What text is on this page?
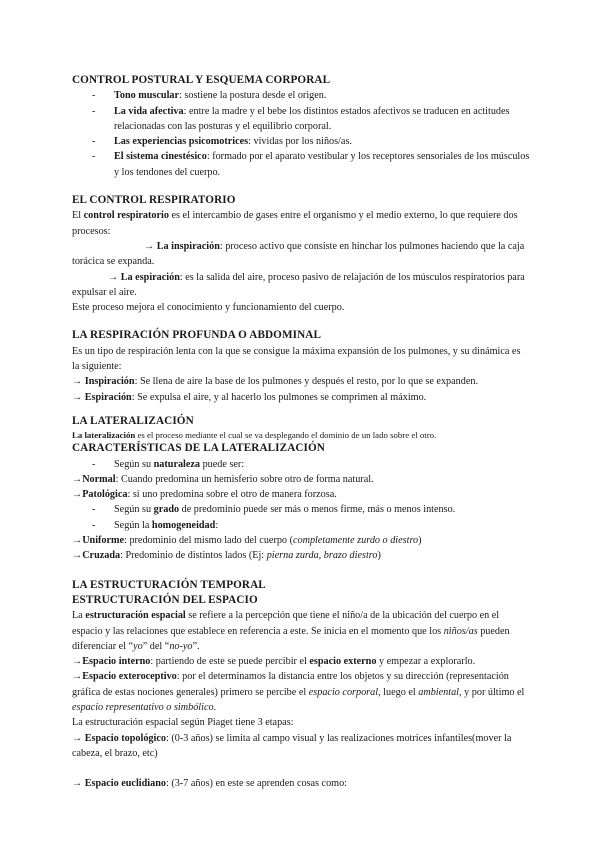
CONTROL POSTURAL Y ESQUEMA CORPORAL
- Tono muscular: sostiene la postura desde el origen.
- La vida afectiva: entre la madre y el bebe los distintos estados afectivos se traducen en actitudes relacionadas con las posturas y el equilibrio corporal.
- Las experiencias psicomotrices: vividas por los niños/as.
- El sistema cinestésico: formado por el aparato vestibular y los receptores sensoriales de los músculos y los tendones del cuerpo.
EL CONTROL RESPIRATORIO

El control respiratorio es el intercambio de gases entre el organismo y el medio externo, lo que requiere dos procesos:

→ La inspiración: proceso activo que consiste en hinchar los pulmones haciendo que la caja torácica se expanda.

→ La espiración: es la salida del aire, proceso pasivo de relajación de los músculos respiratorios para expulsar el aire.

Este proceso mejora el conocimiento y funcionamiento del cuerpo.

LA RESPIRACIÓN PROFUNDA O ABDOMINAL

Es un tipo de respiración lenta con la que se consigue la máxima expansión de los pulmones, y su dinámica es la siguiente:

→ Inspiración: Se llena de aire la base de los pulmones y después el resto, por lo que se expanden.

→ Espiración: Se expulsa el aire, y al hacerlo los pulmones se comprimen al máximo.

LA LATERALIZACIÓN

La lateralización es el proceso mediante el cual se va desplegando el dominio de un lado sobre el otro.

CARACTERÍSTICAS DE LA LATERALIZACIÓN
- Según su naturaleza puede ser:

→Normal: Cuando predomina un hemisferio sobre otro de forma natural.

→Patológica: si uno predomina sobre el otro de manera forzosa.

- Según su grado de predominio puede ser más o menos firme, más o menos intenso.
- Según la homogeneidad:

→Uniforme: predominio del mismo lado del cuerpo (completamente zurdo o diestro)

→Cruzada: Predominio de distintos lados (Ej: pierna zurda, brazo diestro)

LA ESTRUCTURACIÓN TEMPORAL
ESTRUCTURACIÓN DEL ESPACIO

La estructuración espacial se refiere a la percepción que tiene el niño/a de la ubicación del cuerpo en el espacio y las relaciones que establece en referencia a este. Se inicia en el momento que los niños/as pueden diferenciar el “yo” del “no-yo”.

→Espacio interno: partiendo de este se puede percibir el espacio externo y empezar a explorarlo.

→Espacio exteroceptivo: por el determinamos la distancia entre los objetos y su dirección (representación gráfica de estas nociones generales) primero se percibe el espacio corporal, luego el ambiental, y por último el espacio representativo o simbólico.

La estructuración espacial según Piaget tiene 3 etapas:

→ Espacio topológico: (0-3 años) se limita al campo visual y las realizaciones motrices infantiles(mover la cabeza, el brazo, etc)

→ Espacio euclidiano: (3-7 años) en este se aprenden cosas como:
